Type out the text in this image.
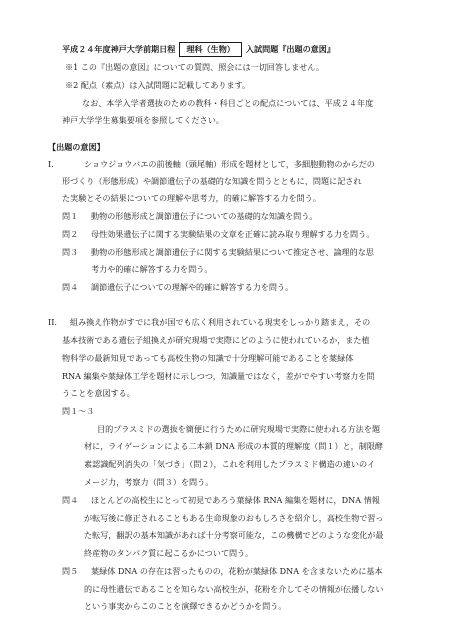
平成２４年度神戸大学前期日程 理科（生物） 入試問題『出題の意図』
※1 この『出題の意図』についての質問、照会には一切回答しません。
※2 配点（素点）は入試問題に記載してあります。
なお、本学入学者選抜のための教科・科目ごとの配点については、平成２４年度
神戸大学学生募集要項を参照してください。
【出題の意図】
Ⅰ.	ショウジョウバエの前後軸（頭尾軸）形成を題材として，多細胞動物のからだの
形づくり（形態形成）や調節遺伝子の基礎的な知識を問うとともに，問題に記され
た実験とその結果についての理解や思考力，的確に解答する力を問う。
問１ 動物の形態形成と調節遺伝子についての基礎的な知識を問う。
問２ 母性効果遺伝子に関する実験結果の文章を正確に読み取り理解する力を問う。
問３ 動物の形態形成と調節遺伝子に関する実験結果について推定させ、論理的な思
考力や的確に解答する力を問う。
問４ 調節遺伝子についての理解や的確に解答する力を問う。
II. 組み換え作物がすでに我が国でも広く利用されている現実をしっかり踏まえ，その
基本技術である遺伝子組換えが研究現場で実際にどのように使われているか，また植
物科学の最新知見であっても高校生物の知識で十分理解可能であることを葉緑体
RNA 編集や葉緑体工学を題材に示しつつ，知識量ではなく，差がでやすい考察力を問
うことを意図する。
問１～３
目的プラスミドの選抜を簡便に行うために研究現場で実際に使われる方法を題
材に，ライゲーションによる二本鎖 DNA 形成の本質的理解度（問１）と，制限酵
素認識配列消失の「気づき」（問２），これを利用したプラスミド構造の違いのイ
メージ力，考察力（問３）を問う。
問４ ほとんどの高校生にとって初見であろう葉緑体 RNA 編集を題材に，DNA 情報
が転写後に修正されることもある生命現象のおもしろさを紹介し，高校生物で習っ
た転写，翻訳の基本知識があれば十分考察可能な，この機構でどのような変化が最
終産物のタンパク質に起こるかについて問う。
問５ 葉緑体 DNA の存在は習ったものの，花粉が葉緑体 DNA を含まないために基本
的に母性遺伝であることを知らない高校生が，花粉を介してその情報が伝播しない
という事実からこのことを演繹できるかどうかを問う。
